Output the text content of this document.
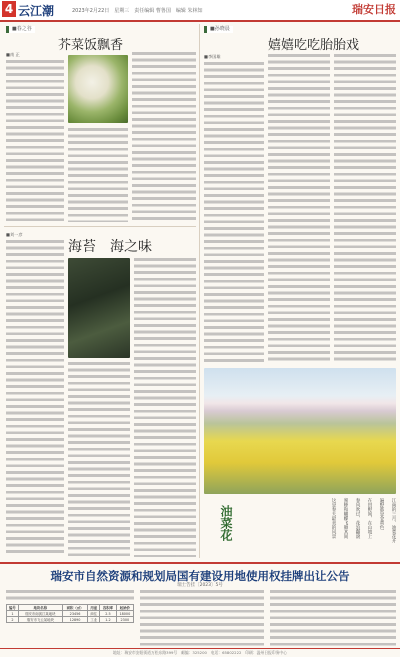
4 云江潮	2023年2月22日　星期三　责任编辑 曹鲁国　编辑 朱林知	瑞安日报
■春之谷
芥菜饭飘香
■南 正
海苔　海之味
■刘一彦
■孙晓晨
嬉嬉吃吃胎胎戏
■李国雄
油菜花	江南的三月，油菜花开
遍野都是金黄色
在田野间，在山坡上
春风吹过，花浪翻滚
蜜蜂和蝴蝶飞舞其间
这是春天最美的风景
瑞安市自然资源和规划局国有建设用地使用权挂牌出让公告
瑞土告挂〔2023〕5号
编号	地块名称	面积（㎡）	用途	容积率	起始价
1	瑞安市南滨江某地块	23456	商住	2.5	18000
2	瑞安市飞云某地块	12890	工业	1.2	2300
地址：瑞安市安阳街道万松东路399号　邮编：325200　电话：65802222　印刷：温州日报印务中心
